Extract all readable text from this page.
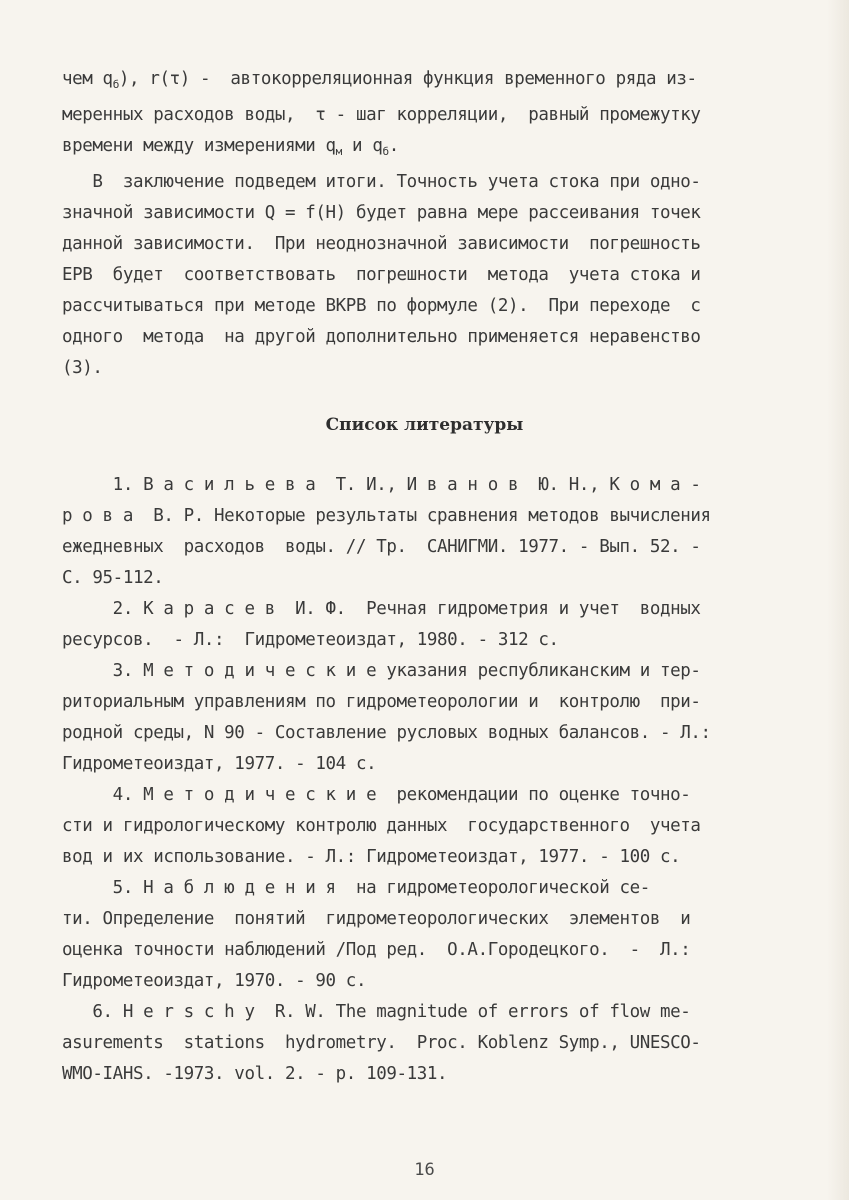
чем $q_б$), r(τ) -  автокорреляционная функция временного ряда из-
меренных расходов воды,  τ - шаг корреляции,  равный промежутку
времени между измерениями $q_м$ и $q_б$.
В  заключение подведем итоги. Точность учета стока при одно-
значной зависимости Q = f(H) будет равна мере рассеивания точек
данной зависимости.  При неоднозначной зависимости  погрешность
ЕРВ  будет  соответствовать  погрешности  метода  учета стока и
рассчитываться при методе ВКРВ по формуле (2).  При переходе  с
одного  метода  на другой дополнительно применяется неравенство
(3).
Список литературы
1. В а с и л ь е в а  Т. И., И в а н о в  Ю. Н., К о м а -
р о в а  В. Р. Некоторые результаты сравнения методов вычисления
ежедневных  расходов  воды. // Тр.  САНИГМИ. 1977. - Вып. 52. -
С. 95-112.
2. К а р а с е в  И. Ф.  Речная гидрометрия и учет  водных
ресурсов.  - Л.:  Гидрометеоиздат, 1980. - 312 с.
3. М е т о д и ч е с к и е указания республиканским и тер-
риториальным управлениям по гидрометеорологии и  контролю  при-
родной среды, N 90 - Составление русловых водных балансов. - Л.:
Гидрометеоиздат, 1977. - 104 с.
4. М е т о д и ч е с к и е  рекомендации по оценке точно-
сти и гидрологическому контролю данных  государственного  учета
вод и их использование. - Л.: Гидрометеоиздат, 1977. - 100 с.
5. Н а б л ю д е н и я  на гидрометеорологической се-
ти. Определение  понятий  гидрометеорологических  элементов  и
оценка точности наблюдений /Под ред.  О.А.Городецкого.  -  Л.:
Гидрометеоиздат, 1970. - 90 с.
6. H e r s c h y  R. W. The magnitude of errors of flow me-
asurements  stations  hydrometry.  Proc. Koblenz Symp., UNESCO-
WMO-IAHS. -1973. vol. 2. - p. 109-131.
16
